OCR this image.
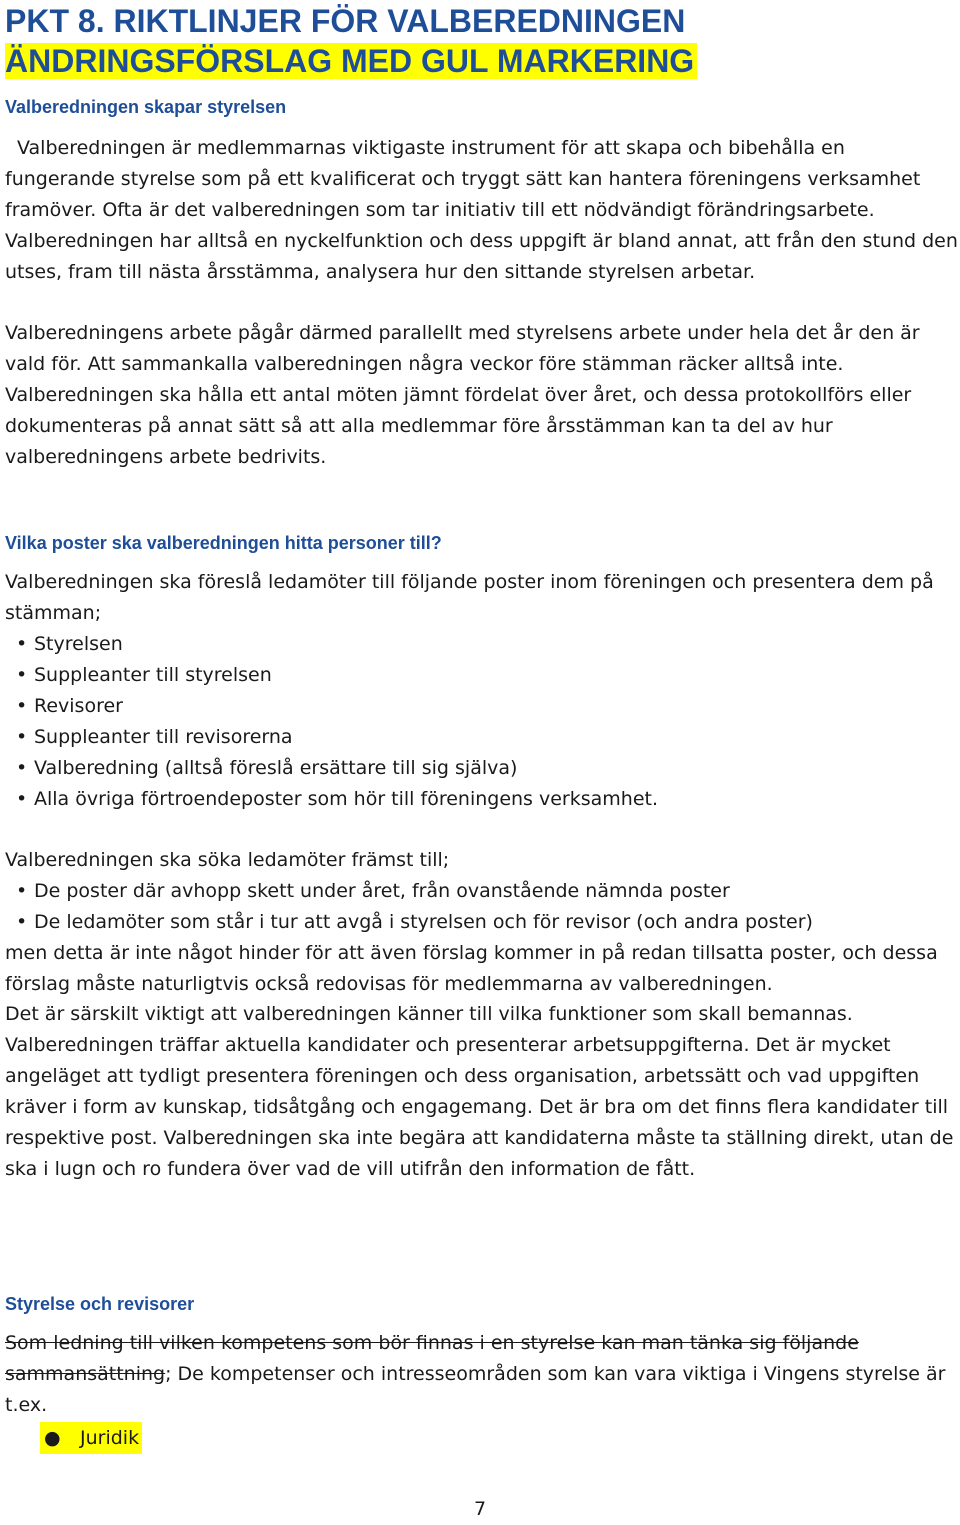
PKT 8. RIKTLINJER FÖR VALBEREDNINGEN
ÄNDRINGSFÖRSLAG MED GUL MARKERING
Valberedningen skapar styrelsen

Valberedningen är medlemmarnas viktigaste instrument för att skapa och bibehålla en fungerande styrelse som på ett kvalificerat och tryggt sätt kan hantera föreningens verksamhet framöver. Ofta är det valberedningen som tar initiativ till ett nödvändigt förändringsarbete. Valberedningen har alltså en nyckelfunktion och dess uppgift är bland annat, att från den stund den utses, fram till nästa årsstämma, analysera hur den sittande styrelsen arbetar.

Valberedningens arbete pågår därmed parallellt med styrelsens arbete under hela det år den är vald för. Att sammankalla valberedningen några veckor före stämman räcker alltså inte.

Valberedningen ska hålla ett antal möten jämnt fördelat över året, och dessa protokollförs eller dokumenteras på annat sätt så att alla medlemmar före årsstämman kan ta del av hur valberedningens arbete bedrivits.

Vilka poster ska valberedningen hitta personer till?

Valberedningen ska föreslå ledamöter till följande poster inom föreningen och presentera dem på stämman;

• Styrelsen
• Suppleanter till styrelsen
• Revisorer
• Suppleanter till revisorerna
• Valberedning (alltså föreslå ersättare till sig själva)
• Alla övriga förtroendeposter som hör till föreningens verksamhet.

Valberedningen ska söka ledamöter främst till;

• De poster där avhopp skett under året, från ovanstående nämnda poster
• De ledamöter som står i tur att avgå i styrelsen och för revisor (och andra poster)

men detta är inte något hinder för att även förslag kommer in på redan tillsatta poster, och dessa förslag måste naturligtvis också redovisas för medlemmarna av valberedningen.

Det är särskilt viktigt att valberedningen känner till vilka funktioner som skall bemannas.

Valberedningen träffar aktuella kandidater och presenterar arbetsuppgifterna. Det är mycket angeläget att tydligt presentera föreningen och dess organisation, arbetssätt och vad uppgiften kräver i form av kunskap, tidsåtgång och engagemang. Det är bra om det finns flera kandidater till respektive post. Valberedningen ska inte begära att kandidaterna måste ta ställning direkt, utan de ska i lugn och ro fundera över vad de vill utifrån den information de fått.

Styrelse och revisorer

Som ledning till vilken kompetens som bör finnas i en styrelse kan man tänka sig följande sammansättning; De kompetenser och intresseområden som kan vara viktiga i Vingens styrelse är t.ex.

● Juridik
7
